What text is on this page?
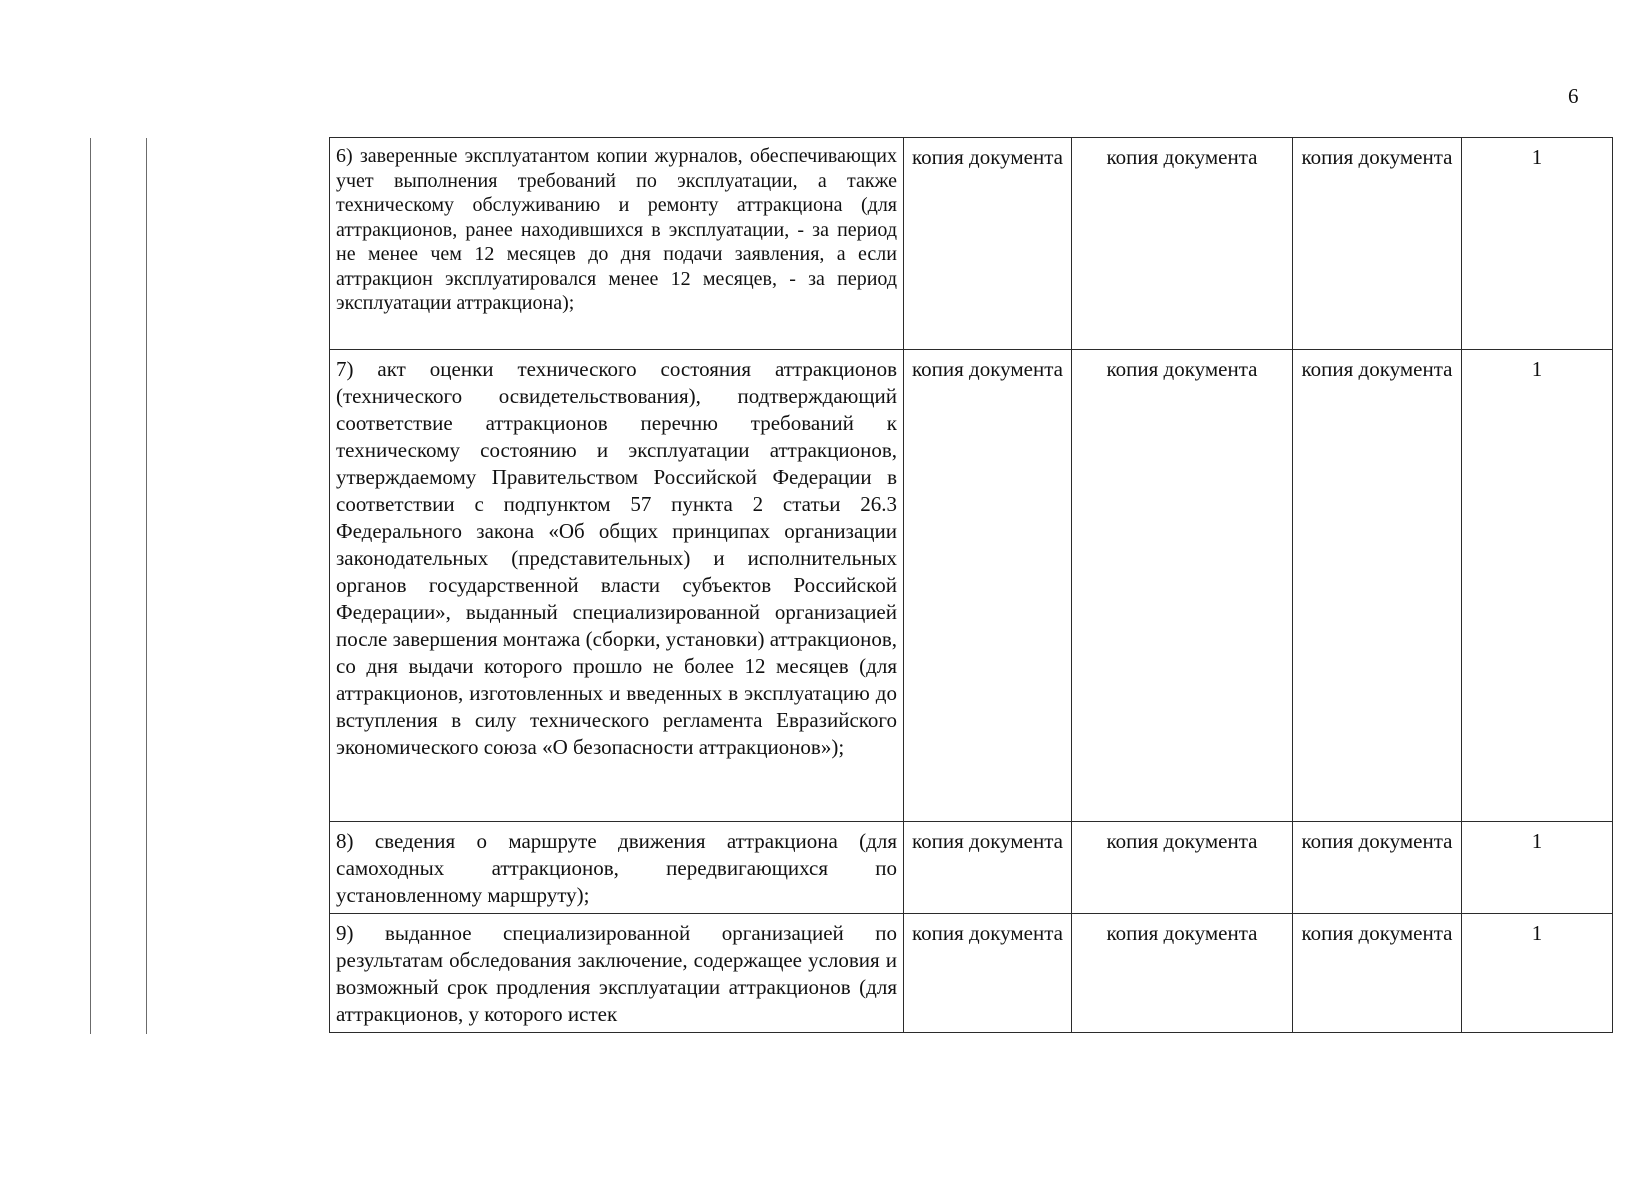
6
6) заверенные эксплуатантом копии журналов, обеспечивающих учет выполнения требований по эксплуатации, а также техническому обслуживанию и ремонту аттракциона (для аттракционов, ранее находившихся в эксплуатации, - за период не менее чем 12 месяцев до дня подачи заявления, а если аттракцион эксплуатировался менее 12 месяцев, - за период эксплуатации аттракциона);	копия документа	копия документа	копия документа	1
7) акт оценки технического состояния аттракционов (технического освидетельствования), подтверждающий соответствие аттракционов перечню требований к техническому состоянию и эксплуатации аттракционов, утверждаемому Правительством Российской Федерации в соответствии с подпунктом 57 пункта 2 статьи 26.3 Федерального закона «Об общих принципах организации законодательных (представительных) и исполнительных органов государственной власти субъектов Российской Федерации», выданный специализированной организацией после завершения монтажа (сборки, установки) аттракционов, со дня выдачи которого прошло не более 12 месяцев (для аттракционов, изготовленных и введенных в эксплуатацию до вступления в силу технического регламента Евразийского экономического союза «О безопасности аттракционов»);	копия документа	копия документа	копия документа	1
8) сведения о маршруте движения аттракциона (для самоходных аттракционов, передвигающихся по установленному маршруту);	копия документа	копия документа	копия документа	1
9) выданное специализированной организацией по результатам обследования заключение, содержащее условия и возможный срок продления эксплуатации аттракционов (для аттракционов, у которого истек	копия документа	копия документа	копия документа	1
